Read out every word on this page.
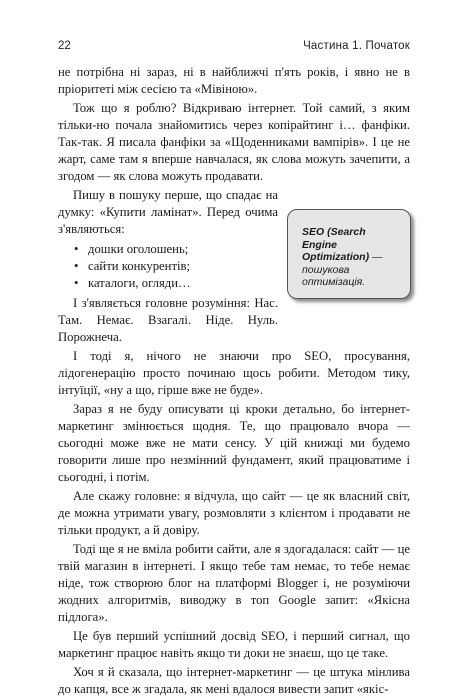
22	Частина 1. Початок

не потрібна ні зараз, ні в найближчі п'ять років, і явно не в пріоритеті між сесією та «Мівіною».

Тож що я роблю? Відкриваю інтернет. Той самий, з яким тільки-но почала знайомитись через копірайтинг і… фанфіки. Так-так. Я писала фанфіки за «Щоденниками вампірів». І це не жарт, саме там я вперше навчалася, як слова можуть зачепити, а згодом — як слова можуть продавати.

Пишу в пошуку перше, що спадає на думку: «Купити ламінат». Перед очима з'являються:

• дошки оголошень;
• сайти конкурентів;
• каталоги, огляди…

І з'являється головне розуміння: Нас. Там. Немає. Взагалі. Ніде. Нуль. Порожнеча.

І тоді я, нічого не знаючи про SEO, просування, лідогенерацію просто починаю щось робити. Методом тику, інтуїції, «ну а що, гірше вже не буде».

Зараз я не буду описувати ці кроки детально, бо інтернет-маркетинг змінюється щодня. Те, що працювало вчора — сьогодні може вже не мати сенсу. У цій книжці ми будемо говорити лише про незмінний фундамент, який працюватиме і сьогодні, і потім.

Але скажу головне: я відчула, що сайт — це як власний світ, де можна утримати увагу, розмовляти з клієнтом і продавати не тільки продукт, а й довіру.

Тоді ще я не вміла робити сайти, але я здогадалася: сайт — це твій магазин в інтернеті. І якщо тебе там немає, то тебе немає ніде, тож створюю блог на платформі Blogger і, не розуміючи жодних алгоритмів, виводжу в топ Google запит: «Якісна підлога».

Це був перший успішний досвід SEO, і перший сигнал, що маркетинг працює навіть якщо ти доки не знаєш, що це таке.

Хоч я й сказала, що інтернет-маркетинг — це штука мінлива до кaпця, все ж згадала, як мені вдалося вивести запит «якіс-

SEO (Search Engine Optimization) — пошукова оптимізація.
